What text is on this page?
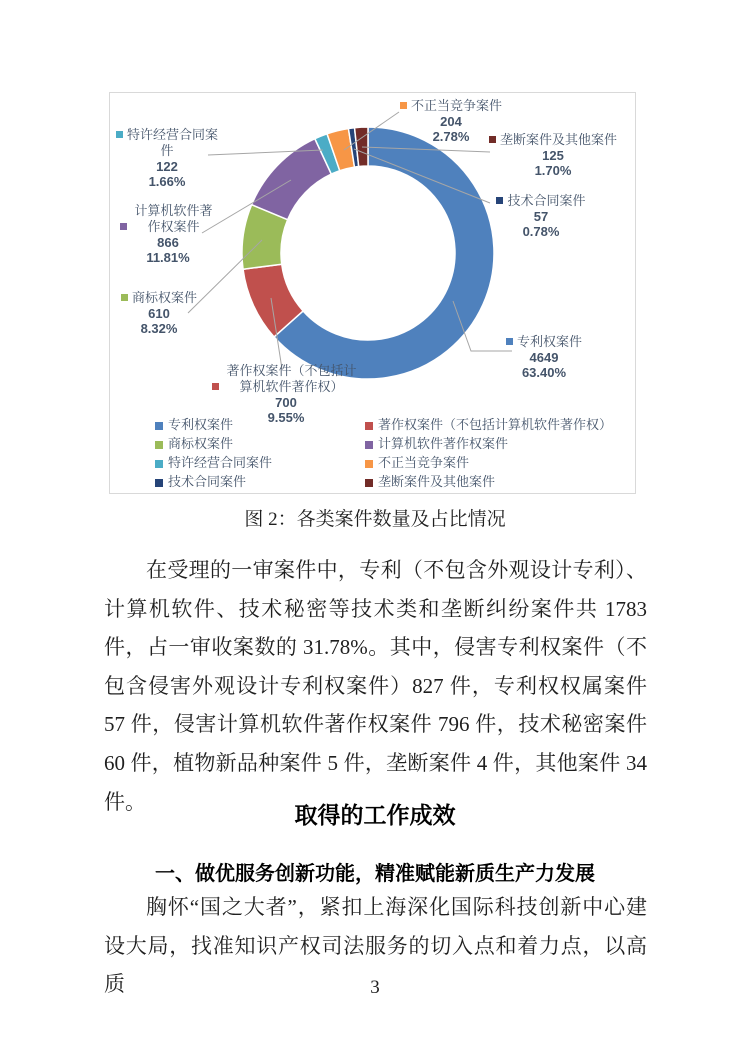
不正当竞争案件
204
2.78%	垄断案件及其他案件
125
1.70%
技术合同案件
57
0.78%
专利权案件
4649
63.40%
著作权案件（不包括计算机软件著作权）
700
9.55%
商标权案件
610
8.32%
计算机软件著作权案件
866
11.81%
特许经营合同案件
122
1.66%
专利权案件
商标权案件
特许经营合同案件
技术合同案件
著作权案件（不包括计算机软件著作权）
计算机软件著作权案件
不正当竞争案件
垄断案件及其他案件
图 2：各类案件数量及占比情况

在受理的一审案件中，专利（不包含外观设计专利）、计算机软件、技术秘密等技术类和垄断纠纷案件共 1783 件，占一审收案数的 31.78%。其中，侵害专利权案件（不包含侵害外观设计专利权案件）827 件，专利权权属案件 57 件，侵害计算机软件著作权案件 796 件，技术秘密案件 60 件，植物新品种案件 5 件，垄断案件 4 件，其他案件 34 件。

取得的工作成效
一、做优服务创新功能，精准赋能新质生产力发展

胸怀“国之大者”，紧扣上海深化国际科技创新中心建设大局，找准知识产权司法服务的切入点和着力点，以高质	3
